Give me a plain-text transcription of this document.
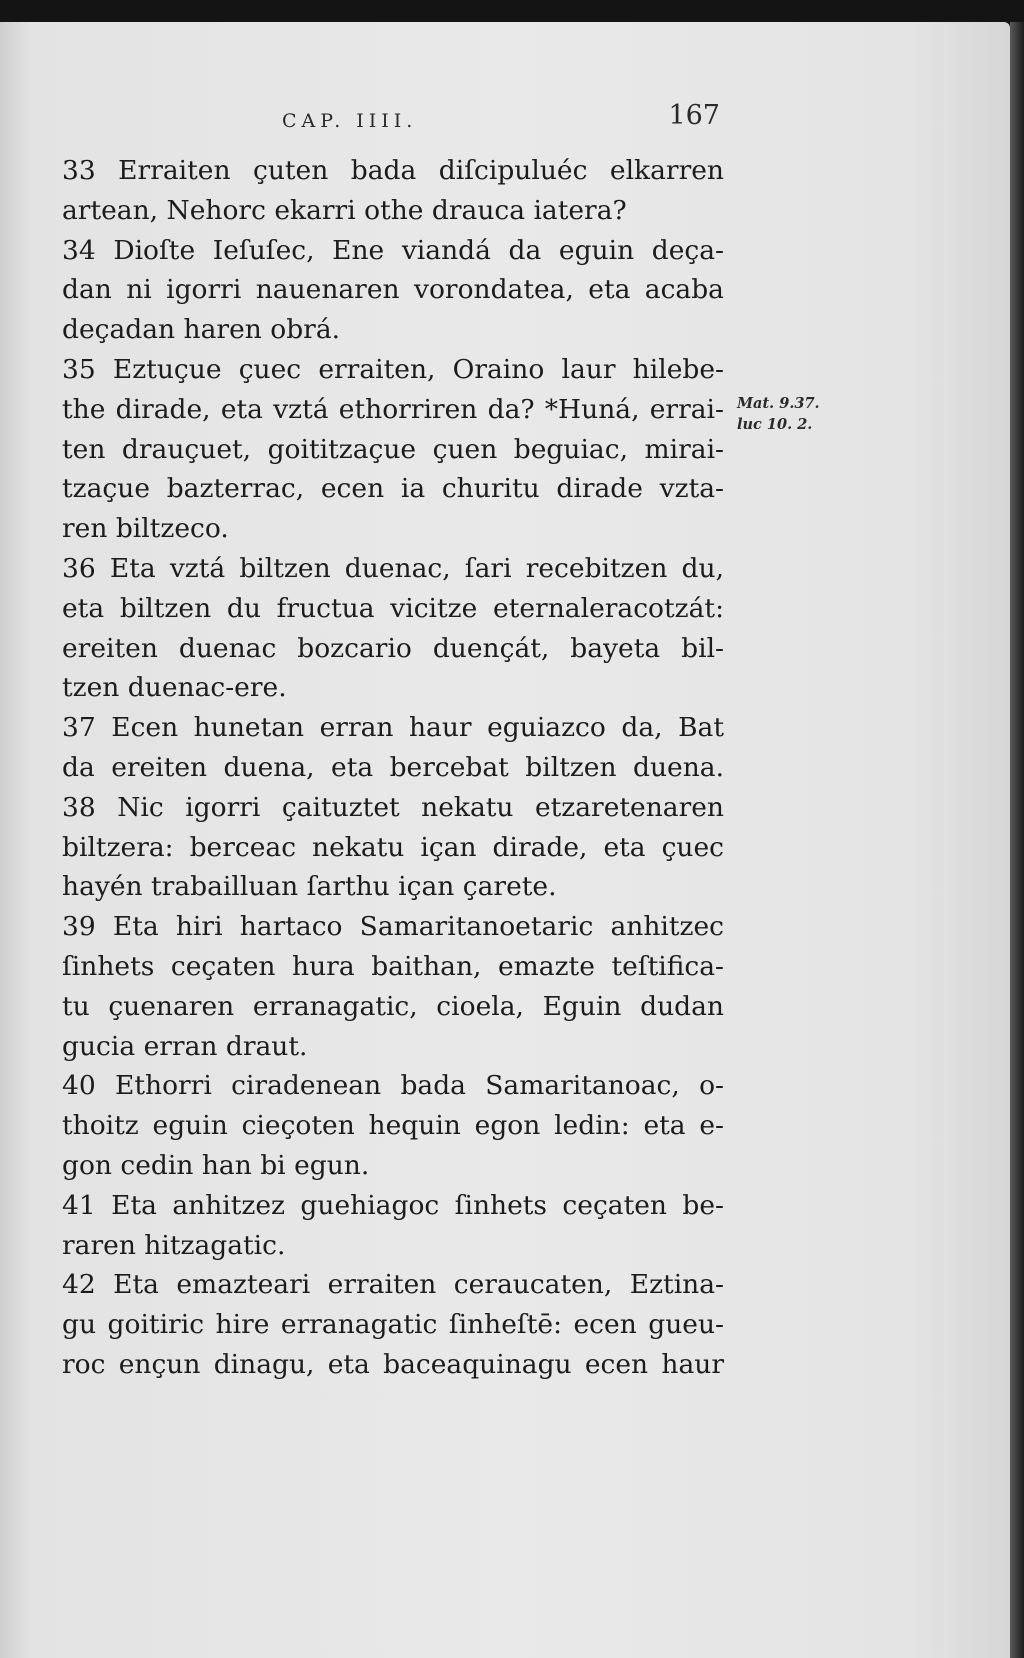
CAP. IIII.	167
33 Erraiten çuten bada diſcipuluéc elkarren
artean, Nehorc ekarri othe drauca iatera?
34 Dioſte Ieſuſec, Ene viandá da eguin deça-
dan ni igorri nauenaren vorondatea, eta acaba
deçadan haren obrá.
35 Eztuçue çuec erraiten, Oraino laur hilebe-
the dirade, eta vztá ethorriren da? *Huná, errai-
ten drauçuet, goititzaçue çuen beguiac, mirai-
tzaçue bazterrac, ecen ia churitu dirade vzta-
ren biltzeco.
36 Eta vztá biltzen duenac, ſari recebitzen du,
eta biltzen du fructua vicitze eternaleracotzát:
ereiten duenac bozcario duençát, bayeta bil-
tzen duenac-ere.
37 Ecen hunetan erran haur eguiazco da, Bat
da ereiten duena, eta bercebat biltzen duena.
38 Nic igorri çaituztet nekatu etzaretenaren
biltzera: berceac nekatu içan dirade, eta çuec
hayén trabailluan ſarthu içan çarete.
39 Eta hiri hartaco Samaritanoetaric anhitzec
ſinhets ceçaten hura baithan, emazte teſtifica-
tu çuenaren erranagatic, cioela, Eguin dudan
gucia erran draut.
40 Ethorri ciradenean bada Samaritanoac, o-
thoitz eguin cieçoten hequin egon ledin: eta e-
gon cedin han bi egun.
41 Eta anhitzez guehiagoc ſinhets ceçaten be-
raren hitzagatic.
42 Eta emazteari erraiten ceraucaten, Eztina-
gu goitiric hire erranagatic ſinheſtē: ecen gueu-
roc ençun dinagu, eta baceaquinagu ecen haur
Mat. 9.37.
luc 10. 2.
